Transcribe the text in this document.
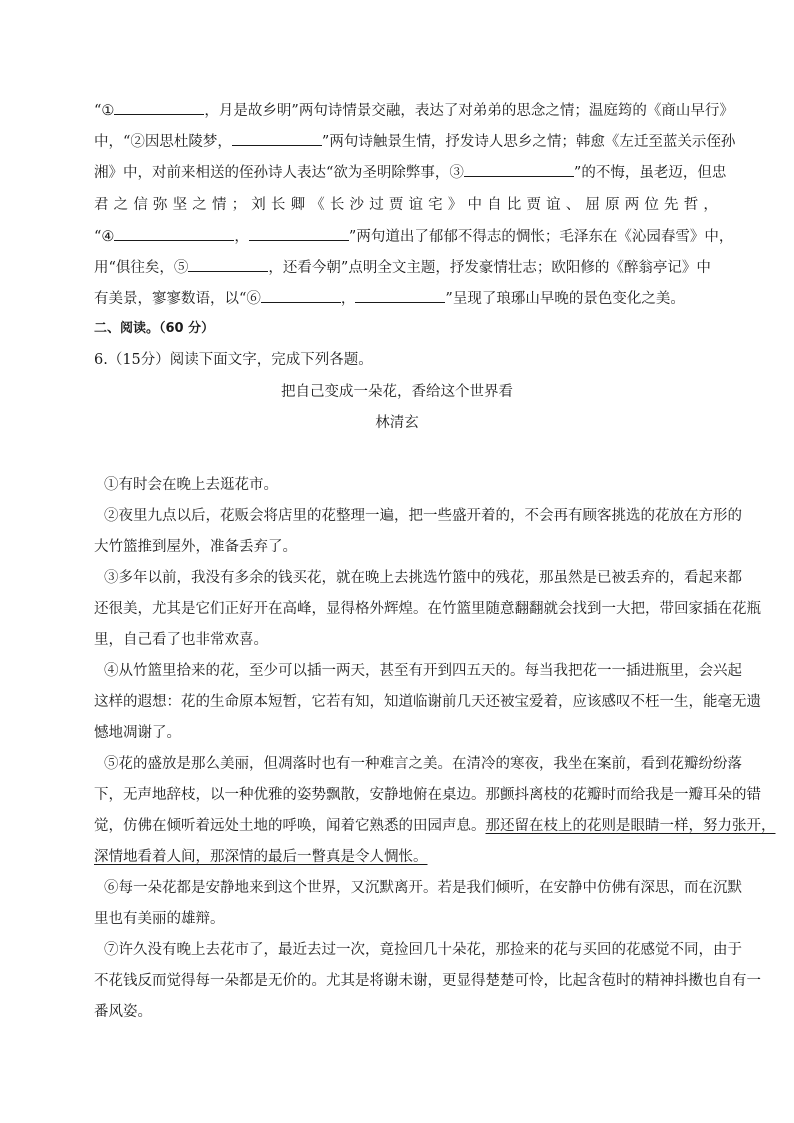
“①	，月是故乡明”两句诗情景交融，表达了对弟弟的思念之情；温庭筠的《商山早行》
中，“②因思杜陵梦，	”两句诗触景生情，抒发诗人思乡之情；韩愈《左迁至蓝关示侄孙
湘》中，对前来相送的侄孙诗人表达“欲为圣明除弊事，③	”的不悔，虽老迈，但忠
君 之 信 弥 坚 之 情 ； 刘 长 卿 《 长 沙 过 贾 谊 宅 》 中 自 比 贾 谊 、 屈 原 两 位 先 哲 ，
“④	，	”两句道出了郁郁不得志的惆怅；毛泽东在《沁园春雪》中，
用“俱往矣，⑤	，还看今朝”点明全文主题，抒发豪情壮志；欧阳修的《醉翁亭记》中
有美景，寥寥数语，以“⑥	，	”呈现了琅琊山早晚的景色变化之美。
二、阅读。（60 分）
6.（15分）阅读下面文字，完成下列各题。
把自己变成一朵花，香给这个世界看
林清玄
①有时会在晚上去逛花市。
②夜里九点以后，花贩会将店里的花整理一遍，把一些盛开着的，不会再有顾客挑选的花放在方形的
大竹篮推到屋外，准备丢弃了。
③多年以前，我没有多余的钱买花，就在晚上去挑选竹篮中的残花，那虽然是已被丢弃的，看起来都
还很美，尤其是它们正好开在高峰，显得格外辉煌。在竹篮里随意翻翻就会找到一大把，带回家插在花瓶
里，自己看了也非常欢喜。
④从竹篮里拾来的花，至少可以插一两天，甚至有开到四五天的。每当我把花一一插进瓶里，会兴起
这样的遐想：花的生命原本短暂，它若有知，知道临谢前几天还被宝爱着，应该感叹不枉一生，能毫无遗
憾地凋谢了。
⑤花的盛放是那么美丽，但凋落时也有一种难言之美。在清冷的寒夜，我坐在案前，看到花瓣纷纷落
下，无声地辞枝，以一种优雅的姿势飘散，安静地俯在桌边。那颤抖离枝的花瓣时而给我是一瓣耳朵的错
觉，仿佛在倾听着远处土地的呼唤，闻着它熟悉的田园声息。那还留在枝上的花则是眼睛一样，努力张开，
深情地看着人间，那深情的最后一瞥真是令人惆怅。
⑥每一朵花都是安静地来到这个世界，又沉默离开。若是我们倾听，在安静中仿佛有深思，而在沉默
里也有美丽的雄辩。
⑦许久没有晚上去花市了，最近去过一次，竟捡回几十朵花，那捡来的花与买回的花感觉不同，由于
不花钱反而觉得每一朵都是无价的。尤其是将谢未谢，更显得楚楚可怜，比起含苞时的精神抖擞也自有一
番风姿。
